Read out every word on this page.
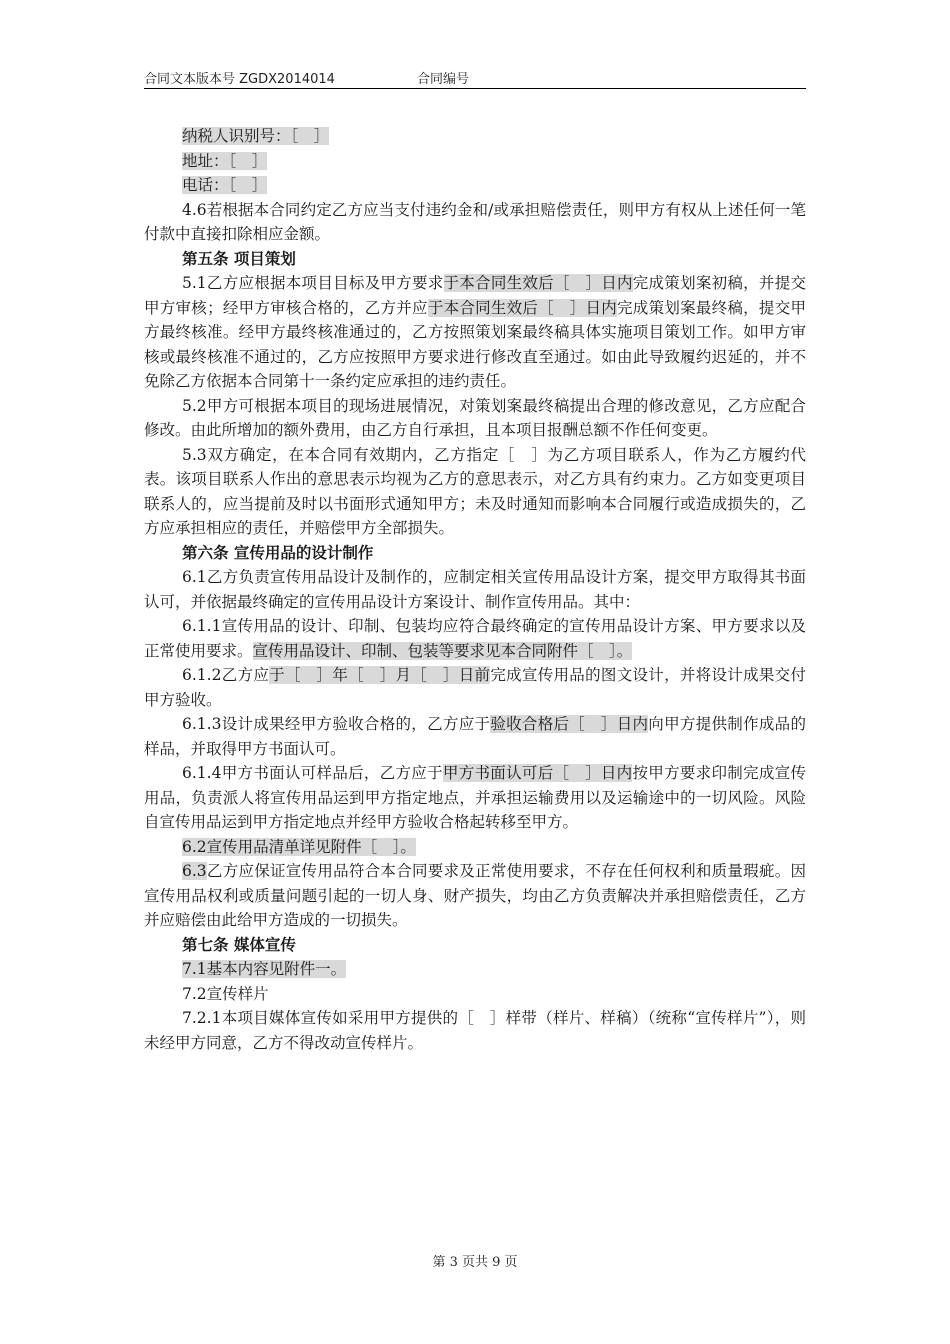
合同文本版本号 ZGDX2014014	合同编号

纳税人识别号：［　］

地址：［　］

电话：［　］

4.6若根据本合同约定乙方应当支付违约金和/或承担赔偿责任，则甲方有权从上述任何一笔付款中直接扣除相应金额。

第五条 项目策划

5.1乙方应根据本项目目标及甲方要求于本合同生效后［　］日内完成策划案初稿，并提交甲方审核；经甲方审核合格的，乙方并应于本合同生效后［　］日内完成策划案最终稿，提交甲方最终核准。经甲方最终核准通过的，乙方按照策划案最终稿具体实施项目策划工作。如甲方审核或最终核准不通过的，乙方应按照甲方要求进行修改直至通过。如由此导致履约迟延的，并不免除乙方依据本合同第十一条约定应承担的违约责任。

5.2甲方可根据本项目的现场进展情况，对策划案最终稿提出合理的修改意见，乙方应配合修改。由此所增加的额外费用，由乙方自行承担，且本项目报酬总额不作任何变更。

5.3双方确定，在本合同有效期内，乙方指定［　］为乙方项目联系人，作为乙方履约代表。该项目联系人作出的意思表示均视为乙方的意思表示，对乙方具有约束力。乙方如变更项目联系人的，应当提前及时以书面形式通知甲方；未及时通知而影响本合同履行或造成损失的，乙方应承担相应的责任，并赔偿甲方全部损失。

第六条 宣传用品的设计制作

6.1乙方负责宣传用品设计及制作的，应制定相关宣传用品设计方案，提交甲方取得其书面认可，并依据最终确定的宣传用品设计方案设计、制作宣传用品。其中：

6.1.1宣传用品的设计、印制、包装均应符合最终确定的宣传用品设计方案、甲方要求以及正常使用要求。宣传用品设计、印制、包装等要求见本合同附件［　］。

6.1.2乙方应于［　］年［　］月［　］日前完成宣传用品的图文设计，并将设计成果交付甲方验收。

6.1.3设计成果经甲方验收合格的，乙方应于验收合格后［　］日内向甲方提供制作成品的样品，并取得甲方书面认可。

6.1.4甲方书面认可样品后，乙方应于甲方书面认可后［　］日内按甲方要求印制完成宣传用品，负责派人将宣传用品运到甲方指定地点，并承担运输费用以及运输途中的一切风险。风险自宣传用品运到甲方指定地点并经甲方验收合格起转移至甲方。

6.2宣传用品清单详见附件［　］。

6.3乙方应保证宣传用品符合本合同要求及正常使用要求，不存在任何权利和质量瑕疵。因宣传用品权利或质量问题引起的一切人身、财产损失，均由乙方负责解决并承担赔偿责任，乙方并应赔偿由此给甲方造成的一切损失。

第七条 媒体宣传

7.1基本内容见附件一。

7.2宣传样片

7.2.1本项目媒体宣传如采用甲方提供的［　］样带（样片、样稿）（统称“宣传样片”），则未经甲方同意，乙方不得改动宣传样片。

第 3 页共 9 页
